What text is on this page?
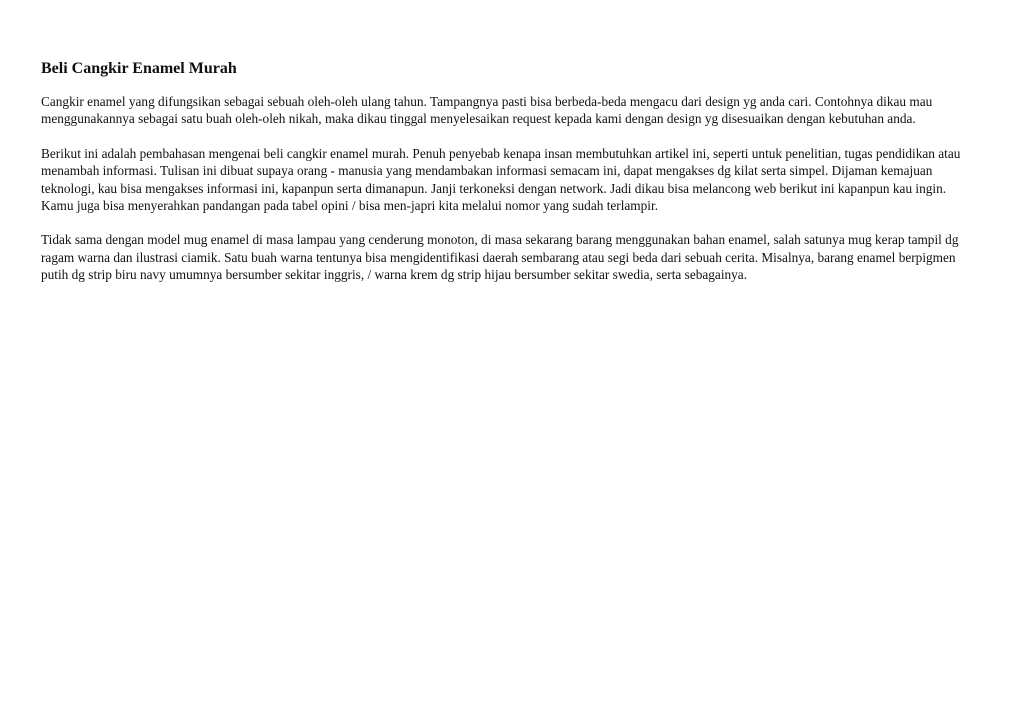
Beli Cangkir Enamel Murah

Cangkir enamel yang difungsikan sebagai sebuah oleh-oleh ulang tahun. Tampangnya pasti bisa berbeda-beda mengacu dari design yg anda cari. Contohnya dikau mau menggunakannya sebagai satu buah oleh-oleh nikah, maka dikau tinggal menyelesaikan request kepada kami dengan design yg disesuaikan dengan kebutuhan anda.

Berikut ini adalah pembahasan mengenai beli cangkir enamel murah. Penuh penyebab kenapa insan membutuhkan artikel ini, seperti untuk penelitian, tugas pendidikan atau menambah informasi. Tulisan ini dibuat supaya orang - manusia yang mendambakan informasi semacam ini, dapat mengakses dg kilat serta simpel. Dijaman kemajuan teknologi, kau bisa mengakses informasi ini, kapanpun serta dimanapun. Janji terkoneksi dengan network. Jadi dikau bisa melancong web berikut ini kapanpun kau ingin. Kamu juga bisa menyerahkan pandangan pada tabel opini / bisa men-japri kita melalui nomor yang sudah terlampir.

Tidak sama dengan model mug enamel di masa lampau yang cenderung monoton, di masa sekarang barang menggunakan bahan enamel, salah satunya mug kerap tampil dg ragam warna dan ilustrasi ciamik. Satu buah warna tentunya bisa mengidentifikasi daerah sembarang atau segi beda dari sebuah cerita. Misalnya, barang enamel berpigmen putih dg strip biru navy umumnya bersumber sekitar inggris, / warna krem dg strip hijau bersumber sekitar swedia, serta sebagainya.
